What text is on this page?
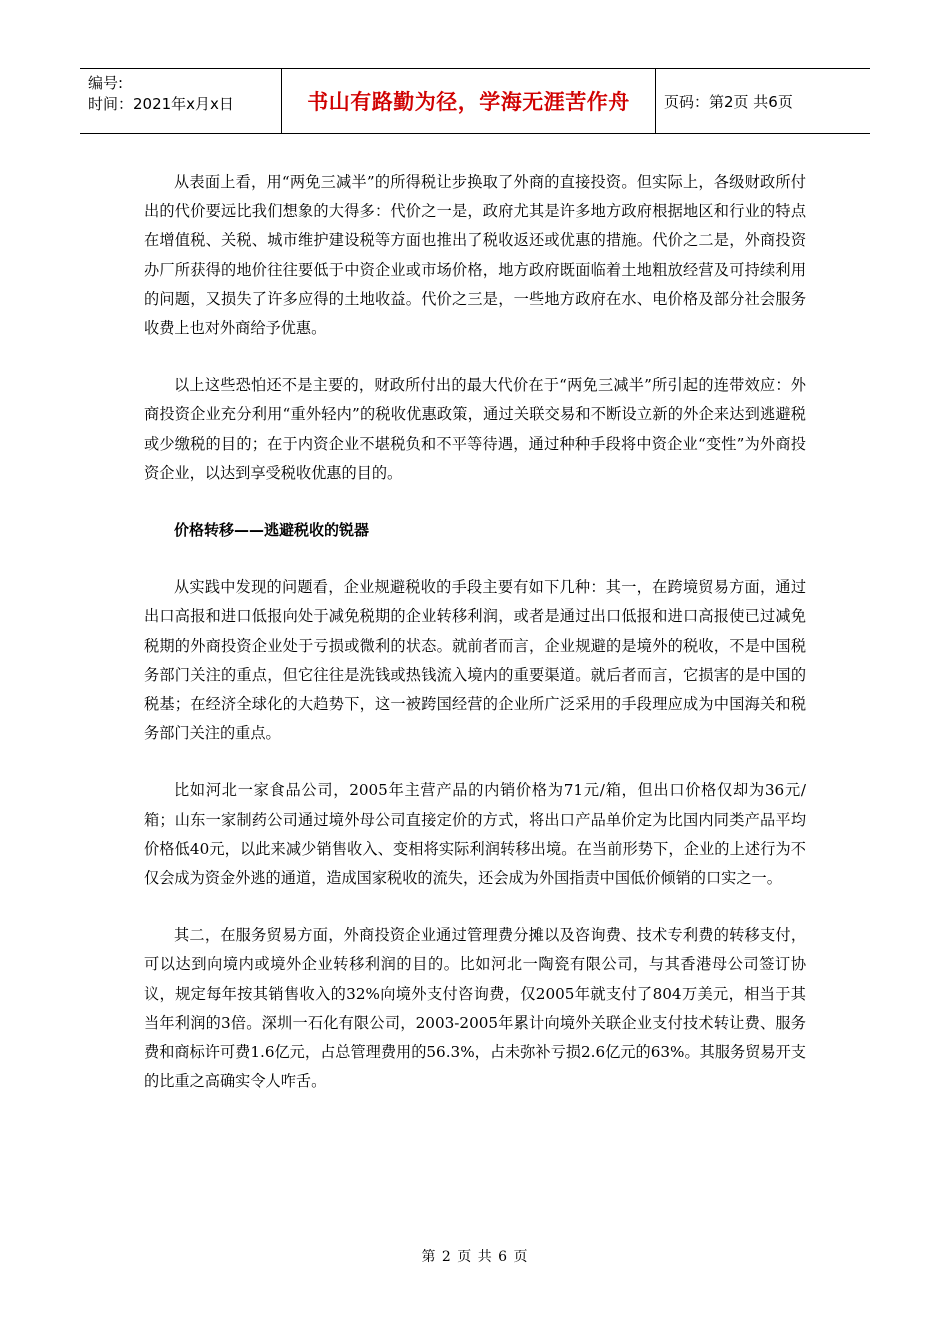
编号:
时间：2021年x月x日	书山有路勤为径，学海无涯苦作舟	页码：第2页 共6页

从表面上看，用“两免三减半”的所得税让步换取了外商的直接投资。但实际上，各级财政所付出的代价要远比我们想象的大得多：代价之一是，政府尤其是许多地方政府根据地区和行业的特点在增值税、关税、城市维护建设税等方面也推出了税收返还或优惠的措施。代价之二是，外商投资办厂所获得的地价往往要低于中资企业或市场价格，地方政府既面临着土地粗放经营及可持续利用的问题，又损失了许多应得的土地收益。代价之三是，一些地方政府在水、电价格及部分社会服务收费上也对外商给予优惠。

以上这些恐怕还不是主要的，财政所付出的最大代价在于“两免三减半”所引起的连带效应：外商投资企业充分利用“重外轻内”的税收优惠政策，通过关联交易和不断设立新的外企来达到逃避税或少缴税的目的；在于内资企业不堪税负和不平等待遇，通过种种手段将中资企业“变性”为外商投资企业，以达到享受税收优惠的目的。

价格转移——逃避税收的锐器

从实践中发现的问题看，企业规避税收的手段主要有如下几种：其一，在跨境贸易方面，通过出口高报和进口低报向处于减免税期的企业转移利润，或者是通过出口低报和进口高报使已过减免税期的外商投资企业处于亏损或微利的状态。就前者而言，企业规避的是境外的税收，不是中国税务部门关注的重点，但它往往是洗钱或热钱流入境内的重要渠道。就后者而言，它损害的是中国的税基；在经济全球化的大趋势下，这一被跨国经营的企业所广泛采用的手段理应成为中国海关和税务部门关注的重点。

比如河北一家食品公司，2005年主营产品的内销价格为71元/箱，但出口价格仅却为36元/箱；山东一家制药公司通过境外母公司直接定价的方式，将出口产品单价定为比国内同类产品平均价格低40元，以此来减少销售收入、变相将实际利润转移出境。在当前形势下，企业的上述行为不仅会成为资金外逃的通道，造成国家税收的流失，还会成为外国指责中国低价倾销的口实之一。

其二，在服务贸易方面，外商投资企业通过管理费分摊以及咨询费、技术专利费的转移支付，可以达到向境内或境外企业转移利润的目的。比如河北一陶瓷有限公司，与其香港母公司签订协议，规定每年按其销售收入的32%向境外支付咨询费，仅2005年就支付了804万美元，相当于其当年利润的3倍。深圳一石化有限公司，2003-2005年累计向境外关联企业支付技术转让费、服务费和商标许可费1.6亿元，占总管理费用的56.3%，占未弥补亏损2.6亿元的63%。其服务贸易开支的比重之高确实令人咋舌。

第 2 页 共 6 页
